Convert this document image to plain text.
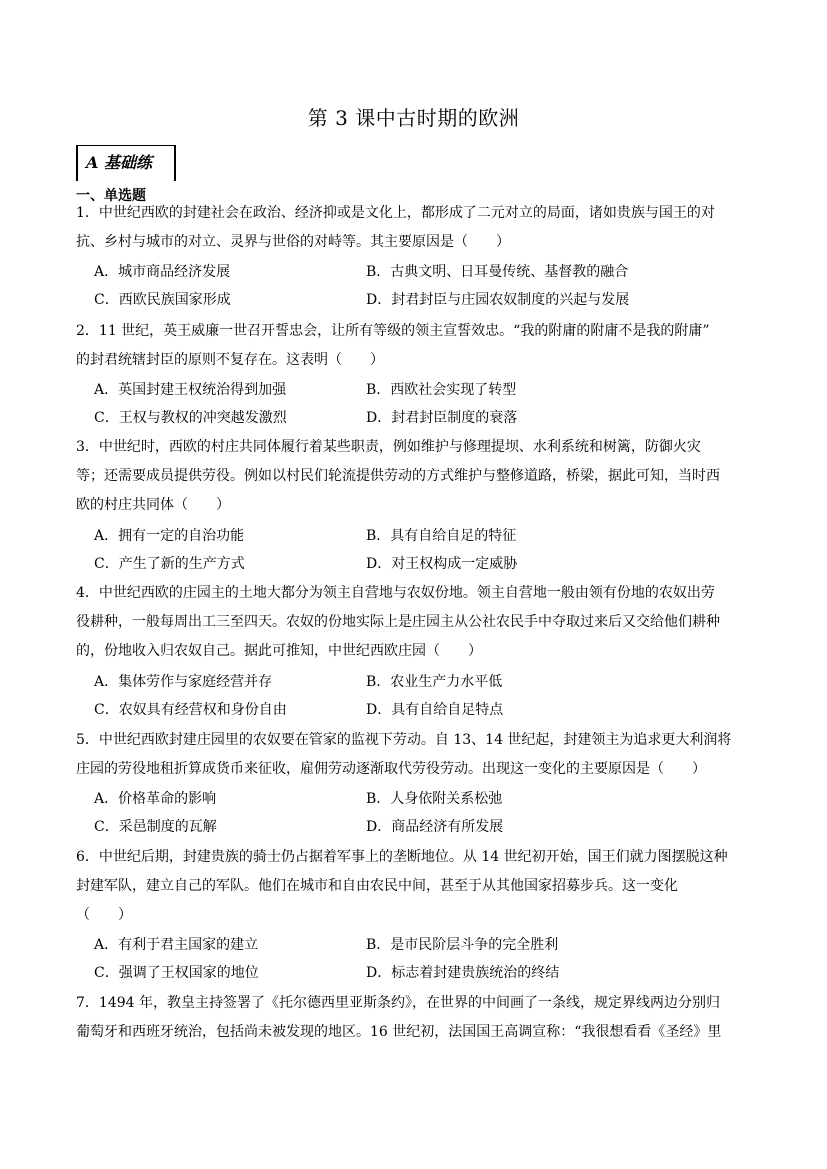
第 3 课中古时期的欧洲
A 基础练
一、单选题
1．中世纪西欧的封建社会在政治、经济抑或是文化上，都形成了二元对立的局面，诸如贵族与国王的对
抗、乡村与城市的对立、灵界与世俗的对峙等。其主要原因是（　　）
A．城市商品经济发展	B．古典文明、日耳曼传统、基督教的融合
C．西欧民族国家形成	D．封君封臣与庄园农奴制度的兴起与发展
2．11 世纪，英王威廉一世召开誓忠会，让所有等级的领主宣誓效忠。“我的附庸的附庸不是我的附庸”
的封君统辖封臣的原则不复存在。这表明（　　）
A．英国封建王权统治得到加强	B．西欧社会实现了转型
C．王权与教权的冲突越发激烈	D．封君封臣制度的衰落
3．中世纪时，西欧的村庄共同体履行着某些职责，例如维护与修理提坝、水利系统和树篱，防御火灾
等；还需要成员提供劳役。例如以村民们轮流提供劳动的方式维护与整修道路，桥梁，据此可知，当时西
欧的村庄共同体（　　）
A．拥有一定的自治功能	B．具有自给自足的特征
C．产生了新的生产方式	D．对王权构成一定威胁
4．中世纪西欧的庄园主的土地大都分为领主自营地与农奴份地。领主自营地一般由领有份地的农奴出劳
役耕种，一般每周出工三至四天。农奴的份地实际上是庄园主从公社农民手中夺取过来后又交给他们耕种
的，份地收入归农奴自己。据此可推知，中世纪西欧庄园（　　）
A．集体劳作与家庭经营并存	B．农业生产力水平低
C．农奴具有经营权和身份自由	D．具有自给自足特点
5．中世纪西欧封建庄园里的农奴要在管家的监视下劳动。自 13、14 世纪起，封建领主为追求更大利润将
庄园的劳役地租折算成货币来征收，雇佣劳动逐渐取代劳役劳动。出现这一变化的主要原因是（　　）
A．价格革命的影响	B．人身依附关系松弛
C．采邑制度的瓦解	D．商品经济有所发展
6．中世纪后期，封建贵族的骑士仍占据着军事上的垄断地位。从 14 世纪初开始，国王们就力图摆脱这种
封建军队，建立自己的军队。他们在城市和自由农民中间，甚至于从其他国家招募步兵。这一变化
（　　）
A．有利于君主国家的建立	B．是市民阶层斗争的完全胜利
C．强调了王权国家的地位	D．标志着封建贵族统治的终结
7．1494 年，教皇主持签署了《托尔德西里亚斯条约》，在世界的中间画了一条线，规定界线两边分别归
葡萄牙和西班牙统治，包括尚未被发现的地区。16 世纪初，法国国王高调宣称：“我很想看看《圣经》里
